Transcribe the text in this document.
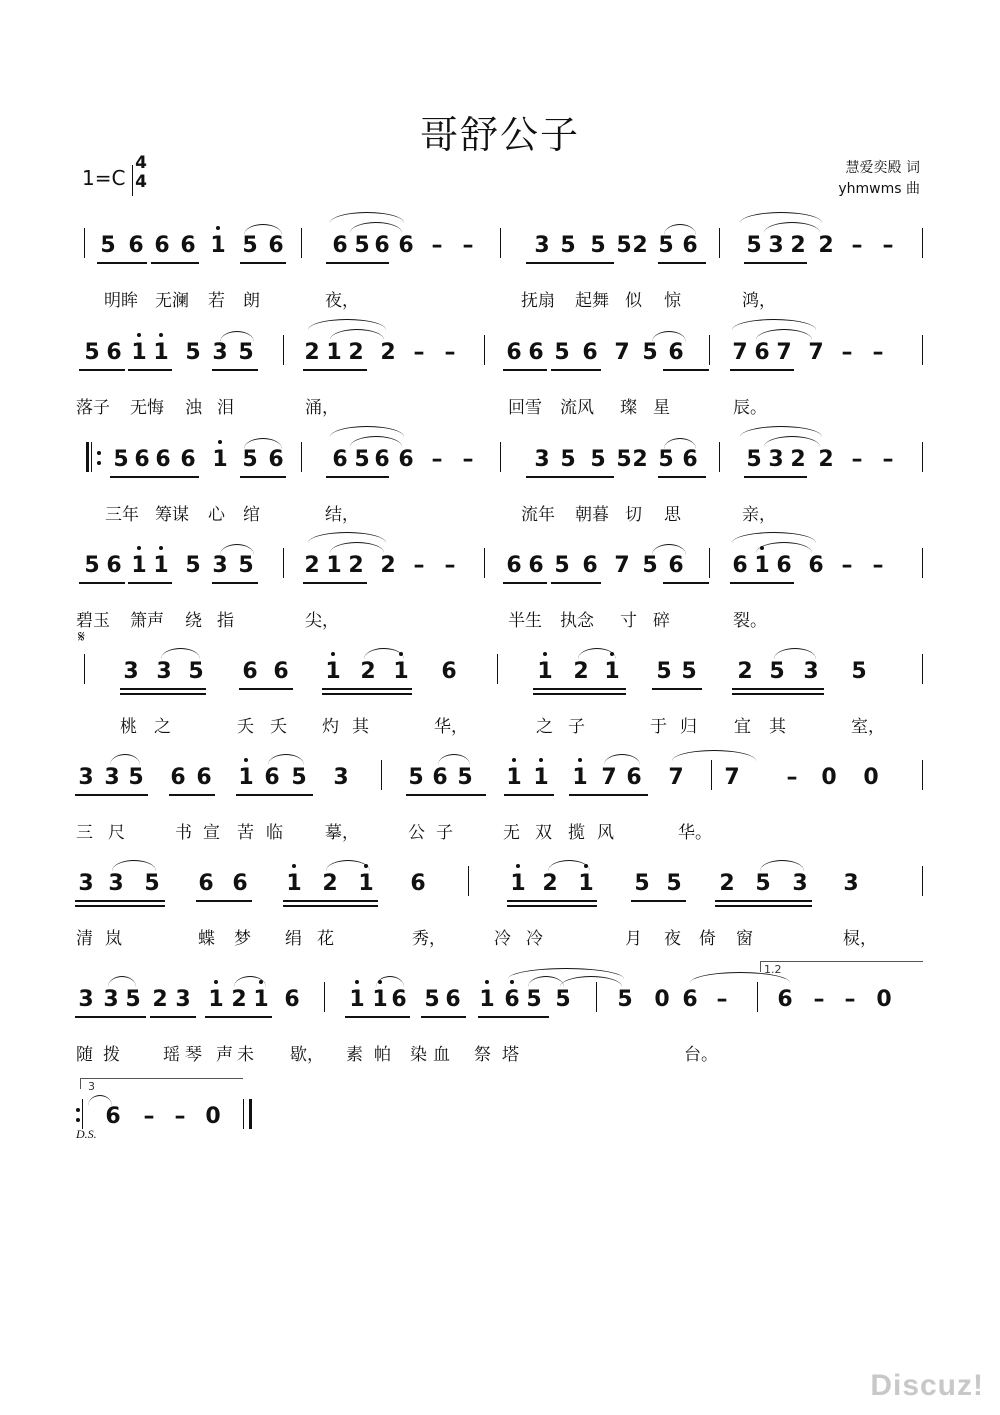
哥舒公子
1=C
4
4
慧爱奕殿 词
yhmwms 曲
𝄋
D.S.
1.2
3
5 6 6 6 1 5 6 6 5 6 6 – –	3 5 5 5 2 5 6 5 3 2 2 – –
明眸 无澜 若 朗	夜，	抚扇 起舞 似 惊	鸿，
5 6 1 1 5 3 5 2 1 2 2 – – 6 6 5 6 7 5 6 7 6 7 7 – –
落子 无悔 浊 泪	涌，	回雪 流风 璨 星	辰。
5 6 6 6 1 5 6 6 5 6 6 – –	3 5 5 5 2 5 6 5 3 2 2 – –
三年 筹谋 心 绾	结，	流年 朝暮 切 思	亲，
5 6 1 1 5 3 5 2 1 2 2 – – 6 6 5 6 7 5 6 6 1 6 6 – –
碧玉 箫声 绕 指	尖，	半生 执念 寸 碎	裂。
3 3 5 6 6 1 2 1 6	1 2 1 5 5 2 5 3 5
桃 之	夭 夭 灼 其	华，	之 子	于 归 宜 其	室，
3 3 5 6 6 1 6 5 3	5 6 5 1 1 1 7 6 7 7 – 0 0
三 尺	书 宣 苦 临 摹，	公 子	无 双 揽 风	华。
3 3 5 6 6 1 2 1 6	1 2 1 5 5 2 5 3 3
清 岚	蝶 梦 绢 花	秀，	冷 冷	月 夜 倚 窗	棂，
3 3 5 2 3 1 2 1 6 1 1 6 5 6 1 6 5 5 5 0 6 – 6 – – 0
随 拨	瑶 琴 声 未 歇， 素 帕 染 血 祭 塔	台。
6 – – 0
Discuz!
